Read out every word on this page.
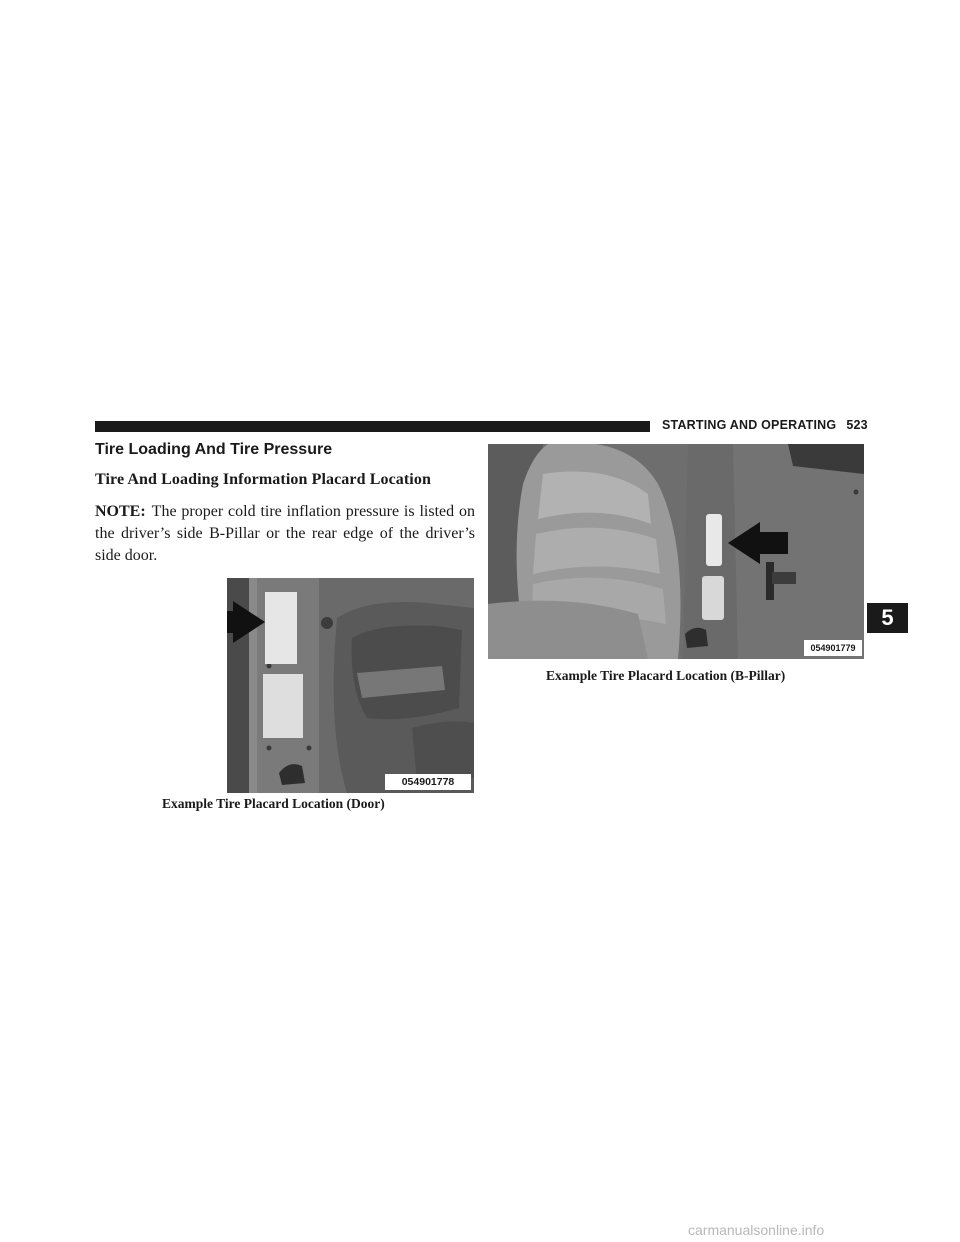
STARTING AND OPERATING 523
Tire Loading And Tire Pressure
Tire And Loading Information Placard Location
NOTE: The proper cold tire inflation pressure is listed on
the driver’s side B-Pillar or the rear edge of the driver’s
side door.
054901778
Example Tire Placard Location (Door)
054901779
Example Tire Placard Location (B-Pillar)
5
carmanualsonline.info
